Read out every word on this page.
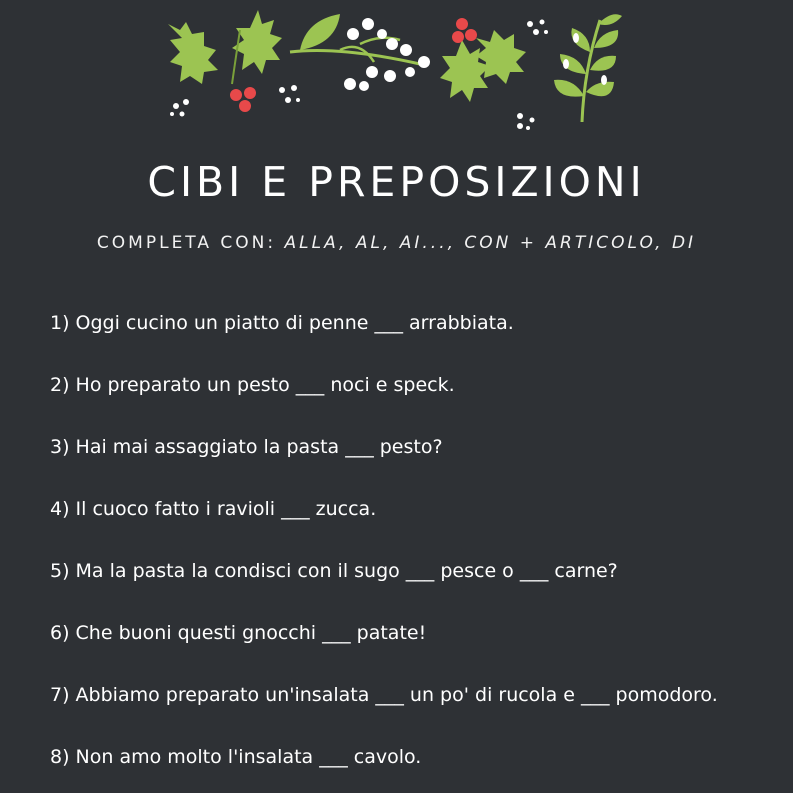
CIBI E PREPOSIZIONI
COMPLETA CON: ALLA, AL, AI..., CON + ARTICOLO, DI
1) Oggi cucino un piatto di penne ___ arrabbiata.
2) Ho preparato un pesto ___ noci e speck.
3) Hai mai assaggiato la pasta ___ pesto?
4) Il cuoco fatto i ravioli ___ zucca.
5) Ma la pasta la condisci con il sugo ___ pesce o ___ carne?
6) Che buoni questi gnocchi ___ patate!
7) Abbiamo preparato un'insalata ___ un po' di rucola e ___ pomodoro.
8) Non amo molto l'insalata ___ cavolo.
